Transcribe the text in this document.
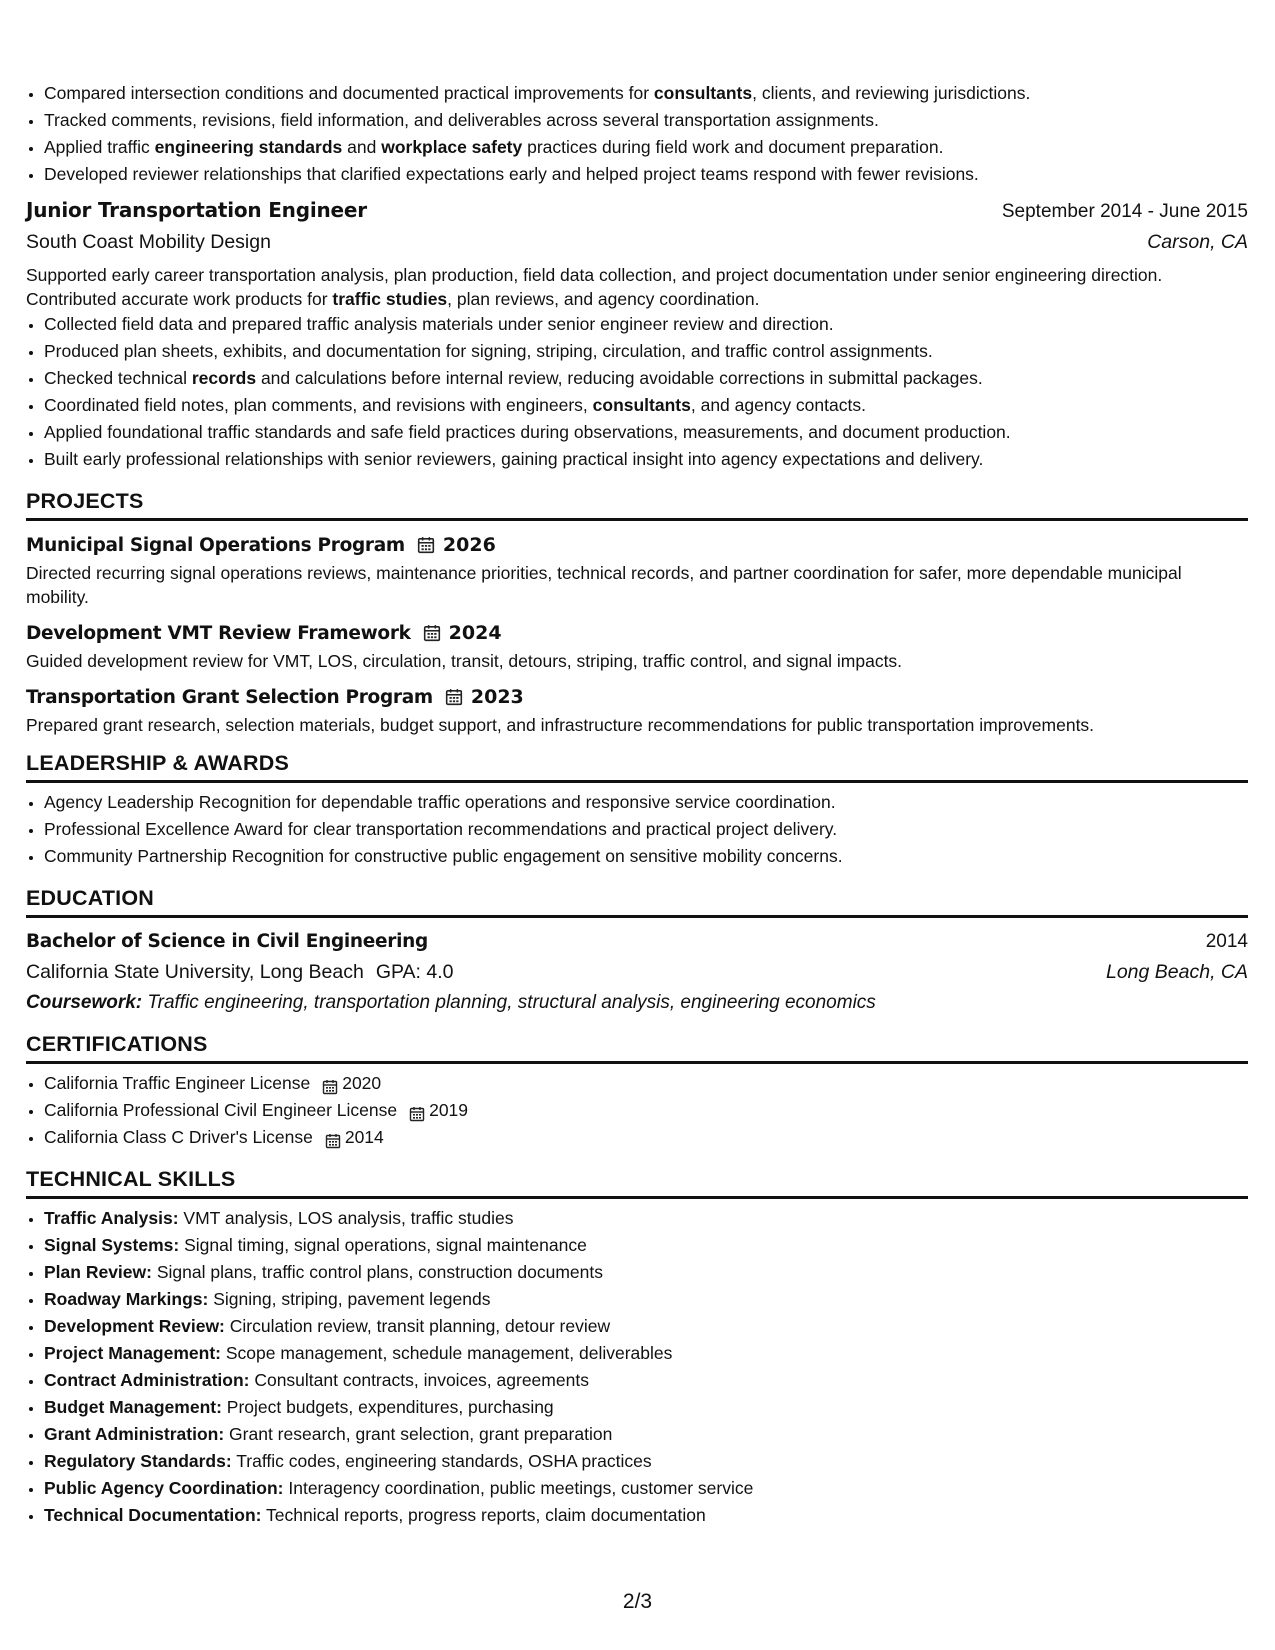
• Compared intersection conditions and documented practical improvements for consultants, clients, and reviewing jurisdictions.
• Tracked comments, revisions, field information, and deliverables across several transportation assignments.
• Applied traffic engineering standards and workplace safety practices during field work and document preparation.
• Developed reviewer relationships that clarified expectations early and helped project teams respond with fewer revisions.
Junior Transportation Engineer	September 2014 - June 2015
South Coast Mobility Design	Carson, CA
Supported early career transportation analysis, plan production, field data collection, and project documentation under senior engineering direction. Contributed accurate work products for traffic studies, plan reviews, and agency coordination.
• Collected field data and prepared traffic analysis materials under senior engineer review and direction.
• Produced plan sheets, exhibits, and documentation for signing, striping, circulation, and traffic control assignments.
• Checked technical records and calculations before internal review, reducing avoidable corrections in submittal packages.
• Coordinated field notes, plan comments, and revisions with engineers, consultants, and agency contacts.
• Applied foundational traffic standards and safe field practices during observations, measurements, and document production.
• Built early professional relationships with senior reviewers, gaining practical insight into agency expectations and delivery.
PROJECTS
Municipal Signal Operations Program 2026
Directed recurring signal operations reviews, maintenance priorities, technical records, and partner coordination for safer, more dependable municipal mobility.
Development VMT Review Framework 2024
Guided development review for VMT, LOS, circulation, transit, detours, striping, traffic control, and signal impacts.
Transportation Grant Selection Program 2023
Prepared grant research, selection materials, budget support, and infrastructure recommendations for public transportation improvements.
LEADERSHIP & AWARDS
• Agency Leadership Recognition for dependable traffic operations and responsive service coordination.
• Professional Excellence Award for clear transportation recommendations and practical project delivery.
• Community Partnership Recognition for constructive public engagement on sensitive mobility concerns.
EDUCATION
Bachelor of Science in Civil Engineering	2014
California State University, Long Beach GPA: 4.0	Long Beach, CA
Coursework: Traffic engineering, transportation planning, structural analysis, engineering economics
CERTIFICATIONS
• California Traffic Engineer License 2020
• California Professional Civil Engineer License 2019
• California Class C Driver's License 2014
TECHNICAL SKILLS
• Traffic Analysis: VMT analysis, LOS analysis, traffic studies
• Signal Systems: Signal timing, signal operations, signal maintenance
• Plan Review: Signal plans, traffic control plans, construction documents
• Roadway Markings: Signing, striping, pavement legends
• Development Review: Circulation review, transit planning, detour review
• Project Management: Scope management, schedule management, deliverables
• Contract Administration: Consultant contracts, invoices, agreements
• Budget Management: Project budgets, expenditures, purchasing
• Grant Administration: Grant research, grant selection, grant preparation
• Regulatory Standards: Traffic codes, engineering standards, OSHA practices
• Public Agency Coordination: Interagency coordination, public meetings, customer service
• Technical Documentation: Technical reports, progress reports, claim documentation
2/3
